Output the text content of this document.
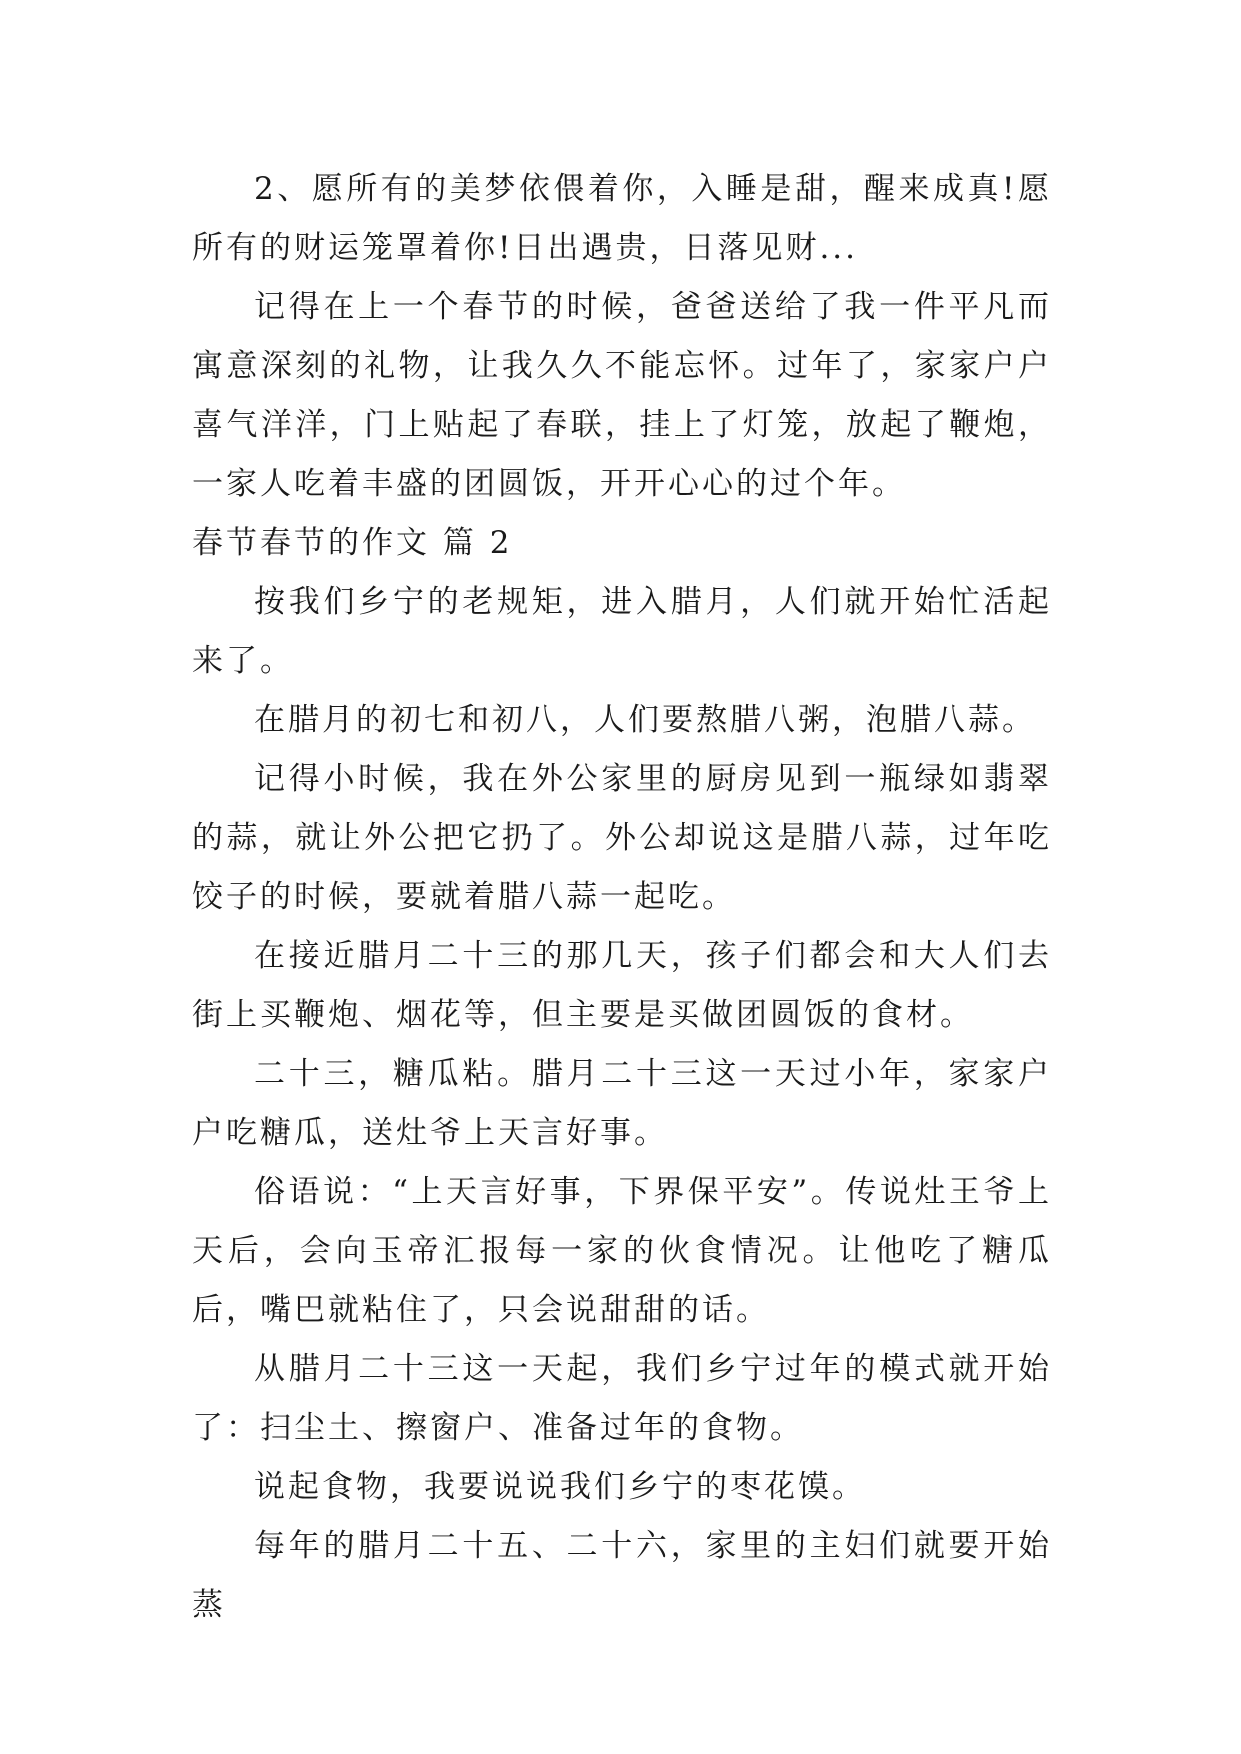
2、愿所有的美梦依偎着你，入睡是甜，醒来成真!愿所有的财运笼罩着你!日出遇贵，日落见财...

记得在上一个春节的时候，爸爸送给了我一件平凡而寓意深刻的礼物，让我久久不能忘怀。过年了，家家户户喜气洋洋，门上贴起了春联，挂上了灯笼，放起了鞭炮，一家人吃着丰盛的团圆饭，开开心心的过个年。

春节春节的作文 篇 2

按我们乡宁的老规矩，进入腊月，人们就开始忙活起来了。

在腊月的初七和初八，人们要熬腊八粥，泡腊八蒜。

记得小时候，我在外公家里的厨房见到一瓶绿如翡翠的蒜，就让外公把它扔了。外公却说这是腊八蒜，过年吃饺子的时候，要就着腊八蒜一起吃。

在接近腊月二十三的那几天，孩子们都会和大人们去街上买鞭炮、烟花等，但主要是买做团圆饭的食材。

二十三，糖瓜粘。腊月二十三这一天过小年，家家户户吃糖瓜，送灶爷上天言好事。

俗语说：“上天言好事，下界保平安”。传说灶王爷上天后，会向玉帝汇报每一家的伙食情况。让他吃了糖瓜后，嘴巴就粘住了，只会说甜甜的话。

从腊月二十三这一天起，我们乡宁过年的模式就开始了：扫尘土、擦窗户、准备过年的食物。

说起食物，我要说说我们乡宁的枣花馍。

每年的腊月二十五、二十六，家里的主妇们就要开始蒸
